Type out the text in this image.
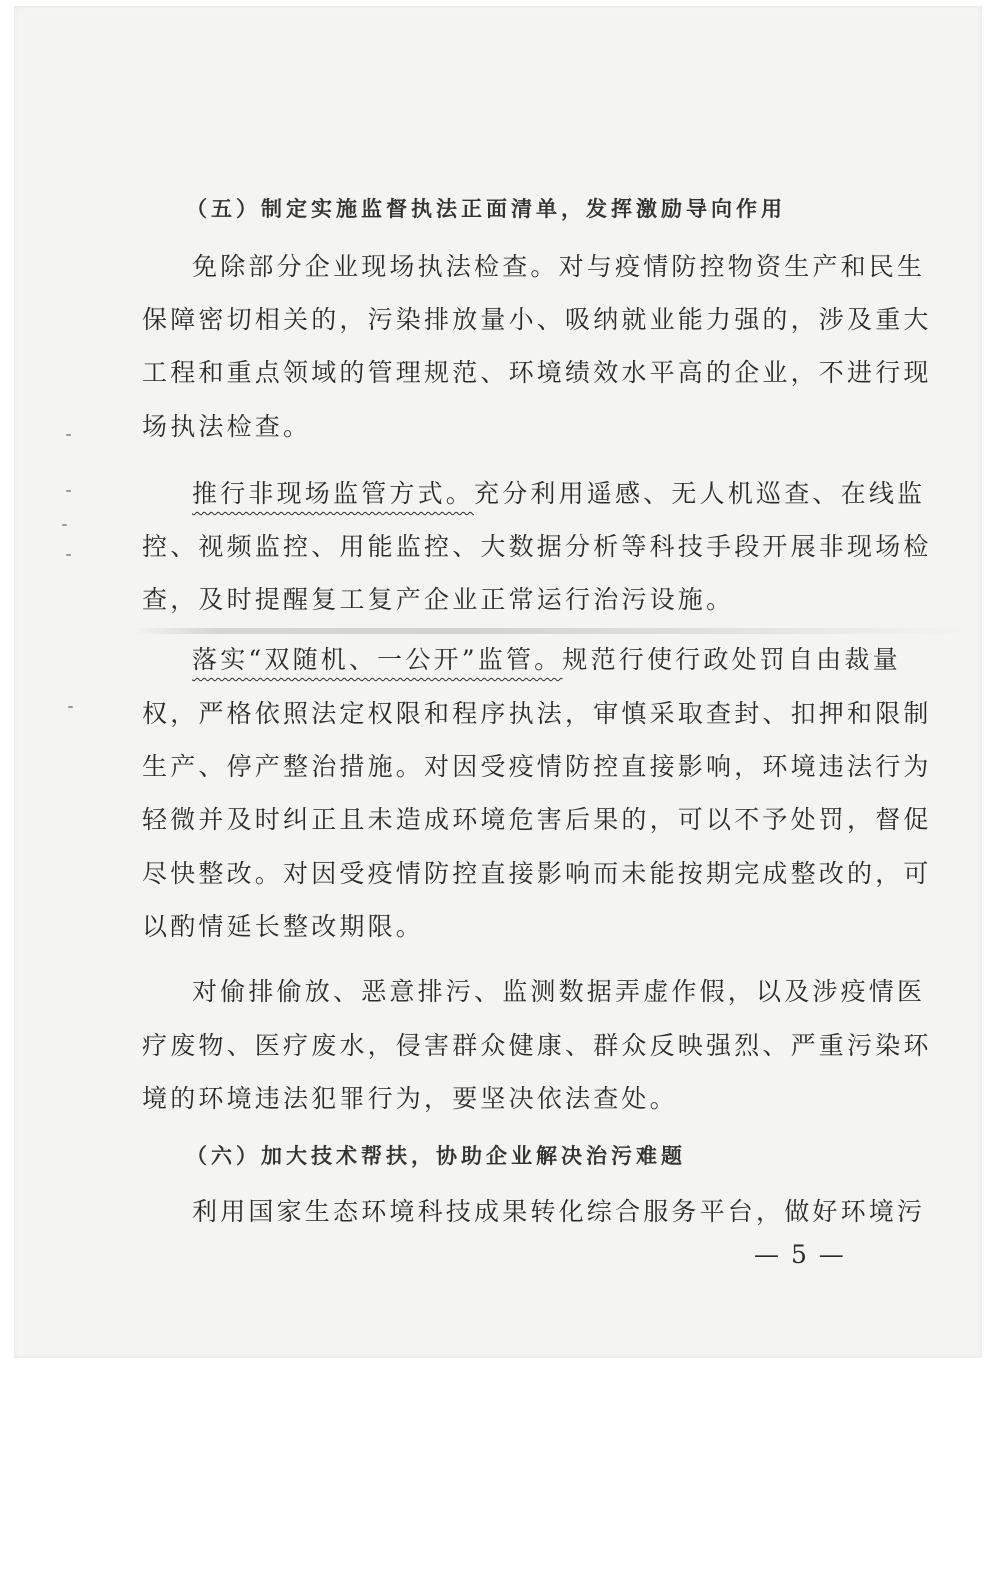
（五）制定实施监督执法正面清单，发挥激励导向作用
免除部分企业现场执法检查。对与疫情防控物资生产和民生
保障密切相关的，污染排放量小、吸纳就业能力强的，涉及重大
工程和重点领域的管理规范、环境绩效水平高的企业，不进行现
场执法检查。
推行非现场监管方式。充分利用遥感、无人机巡查、在线监
控、视频监控、用能监控、大数据分析等科技手段开展非现场检
查，及时提醒复工复产企业正常运行治污设施。
落实“双随机、一公开”监管。规范行使行政处罚自由裁量
权，严格依照法定权限和程序执法，审慎采取查封、扣押和限制
生产、停产整治措施。对因受疫情防控直接影响，环境违法行为
轻微并及时纠正且未造成环境危害后果的，可以不予处罚，督促
尽快整改。对因受疫情防控直接影响而未能按期完成整改的，可
以酌情延长整改期限。
对偷排偷放、恶意排污、监测数据弄虚作假，以及涉疫情医
疗废物、医疗废水，侵害群众健康、群众反映强烈、严重污染环
境的环境违法犯罪行为，要坚决依法查处。
（六）加大技术帮扶，协助企业解决治污难题
利用国家生态环境科技成果转化综合服务平台，做好环境污
— 5 —
